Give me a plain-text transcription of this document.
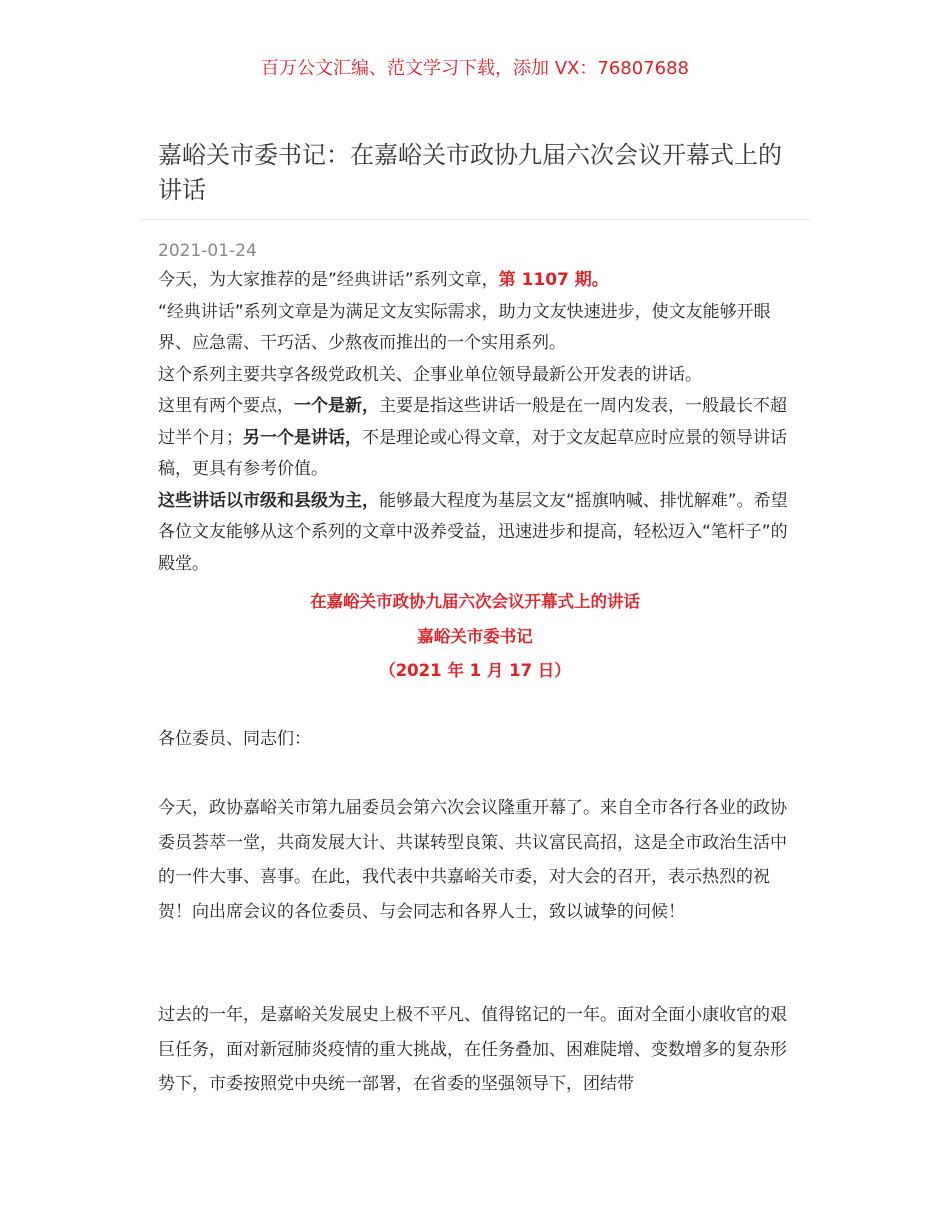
百万公文汇编、范文学习下载，添加 VX：76807688
嘉峪关市委书记：在嘉峪关市政协九届六次会议开幕式上的讲话
2021-01-24

今天，为大家推荐的是”经典讲话”系列文章，第 1107 期。

“经典讲话”系列文章是为满足文友实际需求，助力文友快速进步，使文友能够开眼界、应急需、干巧活、少熬夜而推出的一个实用系列。

这个系列主要共享各级党政机关、企事业单位领导最新公开发表的讲话。

这里有两个要点，一个是新，主要是指这些讲话一般是在一周内发表，一般最长不超过半个月；另一个是讲话，不是理论或心得文章，对于文友起草应时应景的领导讲话稿，更具有参考价值。

这些讲话以市级和县级为主，能够最大程度为基层文友“摇旗呐喊、排忧解难”。希望各位文友能够从这个系列的文章中汲养受益，迅速进步和提高，轻松迈入“笔杆子”的殿堂。

在嘉峪关市政协九届六次会议开幕式上的讲话
嘉峪关市委书记
（2021 年 1 月 17 日）
各位委员、同志们：
今天，政协嘉峪关市第九届委员会第六次会议隆重开幕了。来自全市各行各业的政协委员荟萃一堂，共商发展大计、共谋转型良策、共议富民高招，这是全市政治生活中的一件大事、喜事。在此，我代表中共嘉峪关市委，对大会的召开，表示热烈的祝贺！向出席会议的各位委员、与会同志和各界人士，致以诚挚的问候！
过去的一年，是嘉峪关发展史上极不平凡、值得铭记的一年。面对全面小康收官的艰巨任务，面对新冠肺炎疫情的重大挑战，在任务叠加、困难陡增、变数增多的复杂形势下，市委按照党中央统一部署，在省委的坚强领导下，团结带
